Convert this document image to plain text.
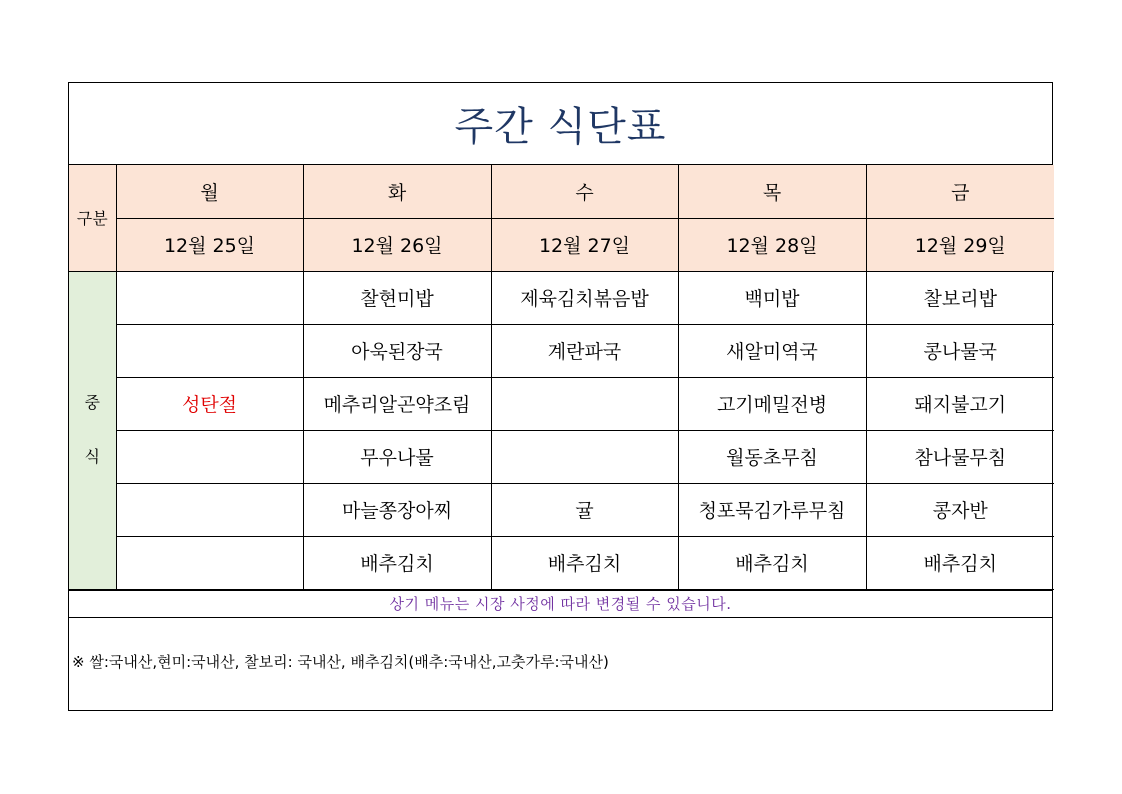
주간 식단표
구분	월	화	수	목	금
	12월 25일	12월 26일	12월 27일	12월 28일	12월 29일

중
식		찰현미밥	제육김치볶음밥	백미밥	찰보리밥
		아욱된장국	계란파국	새알미역국	콩나물국
	성탄절	메추리알곤약조림		고기메밀전병	돼지불고기
		무우나물		월동초무침	참나물무침
		마늘쫑장아찌	귤	청포묵김가루무침	콩자반
		배추김치	배추김치	배추김치	배추김치
상기 메뉴는 시장 사정에 따라 변경될 수 있습니다.
※ 쌀:국내산,현미:국내산, 찰보리: 국내산, 배추김치(배추:국내산,고춧가루:국내산)
